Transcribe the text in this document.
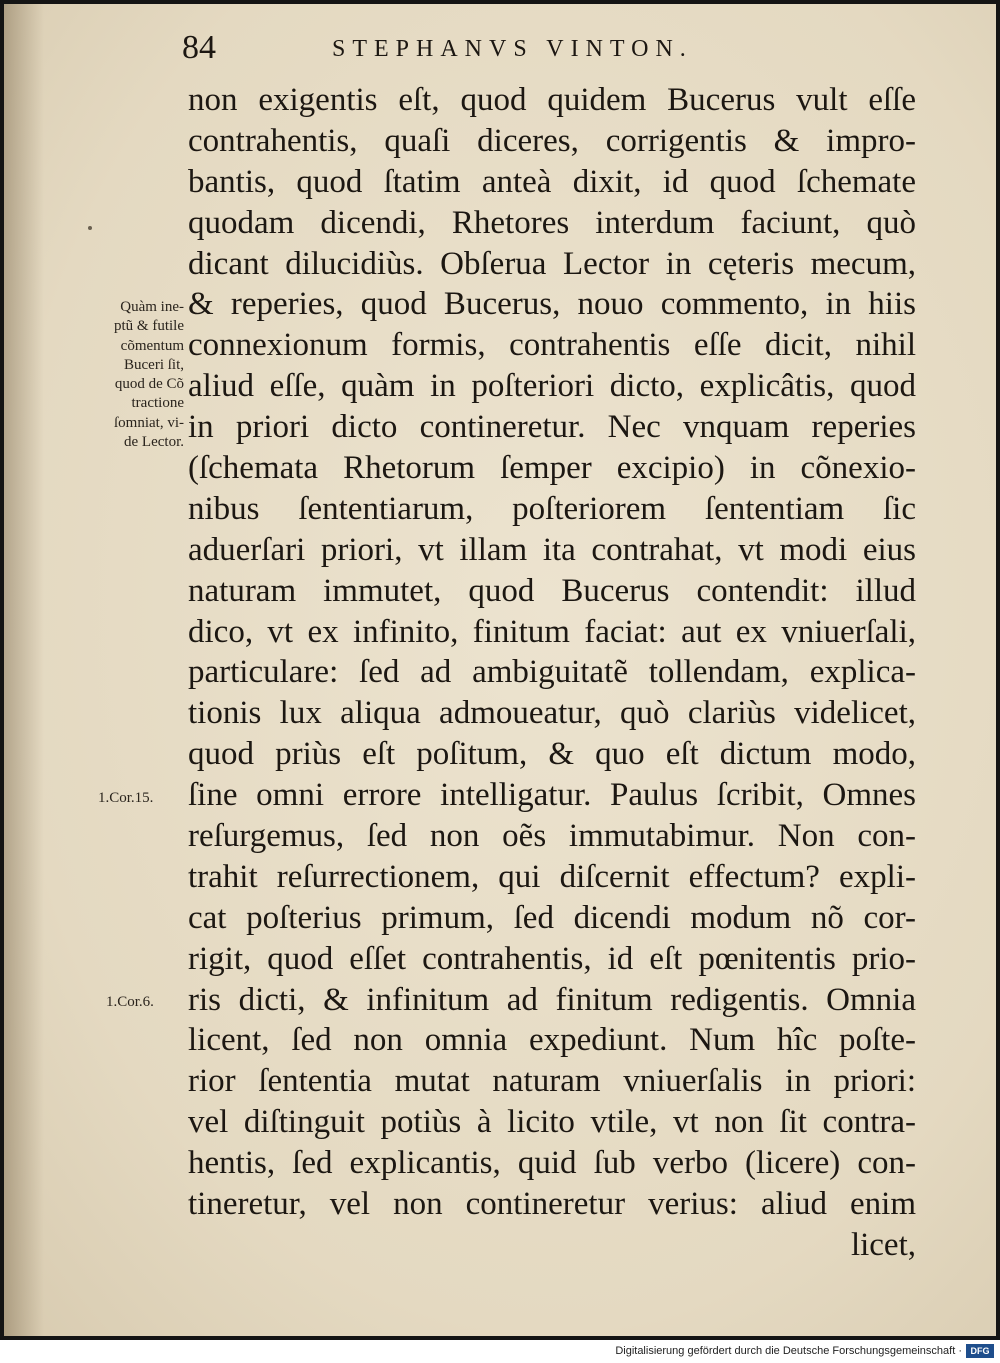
84	STEPHANVS VINTON.
Quàm ine-
ptũ & futile
cõmentum
Buceri ſit,
quod de Cõ
tractione
ſomniat, vi-
de Lector.
1.Cor.15.
1.Cor.6.
non exigentis eſt, quod quidem Bucerus vult eſſe
contrahentis, quaſi diceres, corrigentis & impro-
bantis, quod ſtatim anteà dixit, id quod ſchemate
quodam dicendi, Rhetores interdum faciunt, quò
dicant dilucidiùs. Obſerua Lector in cęteris mecum,
& reperies, quod Bucerus, nouo commento, in hiis
connexionum formis, contrahentis eſſe dicit, nihil
aliud eſſe, quàm in poſteriori dicto, explicâtis, quod
in priori dicto contineretur. Nec vnquam reperies
(ſchemata Rhetorum ſemper excipio) in cõnexio-
nibus ſententiarum, poſteriorem ſententiam ſic
aduerſari priori, vt illam ita contrahat, vt modi eius
naturam immutet, quod Bucerus contendit: illud
dico, vt ex infinito, finitum faciat: aut ex vniuerſali,
particulare: ſed ad ambiguitatẽ tollendam, explica-
tionis lux aliqua admoueatur, quò clariùs videlicet,
quod priùs eſt poſitum, & quo eſt dictum modo,
ſine omni errore intelligatur. Paulus ſcribit, Omnes
reſurgemus, ſed non oẽs immutabimur. Non con-
trahit reſurrectionem, qui diſcernit effectum? expli-
cat poſterius primum, ſed dicendi modum nõ cor-
rigit, quod eſſet contrahentis, id eſt pœnitentis prio-
ris dicti, & infinitum ad finitum redigentis. Omnia
licent, ſed non omnia expediunt. Num hîc poſte-
rior ſententia mutat naturam vniuerſalis in priori:
vel diſtinguit potiùs à licito vtile, vt non ſit contra-
hentis, ſed explicantis, quid ſub verbo (licere) con-
tineretur, vel non contineretur verius: aliud enim
licet,
Digitalisierung gefördert durch die Deutsche Forschungsgemeinschaft · DFG
